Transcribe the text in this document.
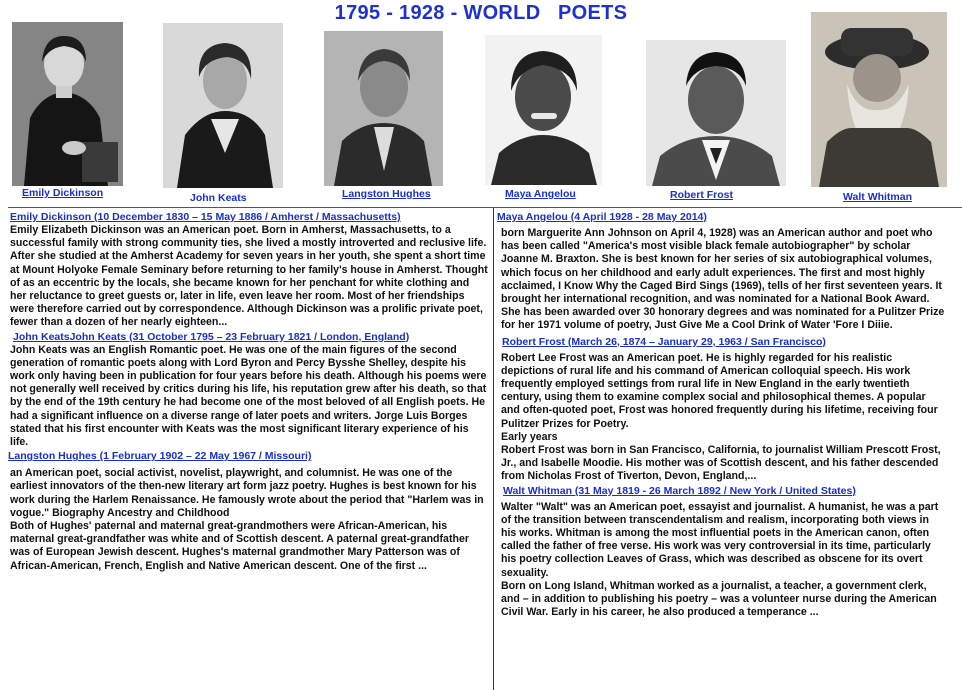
1795 - 1928 - WORLD   POETS
Emily Dickinson	John Keats	Langston Hughes	Maya Angelou	Robert Frost	Walt Whitman
Emily Dickinson (10 December 1830 – 15 May 1886 / Amherst / Massachusetts)

Emily Elizabeth Dickinson was an American poet. Born in Amherst, Massachusetts, to a successful family with strong community ties, she lived a mostly introverted and reclusive life. After she studied at the Amherst Academy for seven years in her youth, she spent a short time at Mount Holyoke Female Seminary before returning to her family's house in Amherst. Thought of as an eccentric by the locals, she became known for her penchant for white clothing and her reluctance to greet guests or, later in life, even leave her room. Most of her friendships were therefore carried out by correspondence. Although Dickinson was a prolific private poet, fewer than a dozen of her nearly eighteen...

John KeatsJohn Keats (31 October 1795 – 23 February 1821 / London, England)

John Keats was an English Romantic poet. He was one of the main figures of the second generation of romantic poets along with Lord Byron and Percy Bysshe Shelley, despite his work only having been in publication for four years before his death. Although his poems were not generally well received by critics during his life, his reputation grew after his death, so that by the end of the 19th century he had become one of the most beloved of all English poets. He had a significant influence on a diverse range of later poets and writers. Jorge Luis Borges stated that his first encounter with Keats was the most significant literary experience of his life.

Langston Hughes (1 February 1902 – 22 May 1967 / Missouri)

an American poet, social activist, novelist, playwright, and columnist. He was one of the earliest innovators of the then-new literary art form jazz poetry. Hughes is best known for his work during the Harlem Renaissance. He famously wrote about the period that "Harlem was in vogue." Biography Ancestry and Childhood
Both of Hughes' paternal and maternal great-grandmothers were African-American, his maternal great-grandfather was white and of Scottish descent. A paternal great-grandfather was of European Jewish descent. Hughes's maternal grandmother Mary Patterson was of African-American, French, English and Native American descent. One of the first ...

Maya Angelou (4 April 1928 - 28 May 2014)

born Marguerite Ann Johnson on April 4, 1928) was an American author and poet who has been called "America's most visible black female autobiographer" by scholar Joanne M. Braxton. She is best known for her series of six autobiographical volumes, which focus on her childhood and early adult experiences. The first and most highly acclaimed, I Know Why the Caged Bird Sings (1969), tells of her first seventeen years. It brought her international recognition, and was nominated for a National Book Award. She has been awarded over 30 honorary degrees and was nominated for a Pulitzer Prize for her 1971 volume of poetry, Just Give Me a Cool Drink of Water 'Fore I Diiie.

Robert Frost (March 26, 1874 – January 29, 1963 / San Francisco)

Robert Lee Frost was an American poet. He is highly regarded for his realistic depictions of rural life and his command of American colloquial speech. His work frequently employed settings from rural life in New England in the early twentieth century, using them to examine complex social and philosophical themes. A popular and often-quoted poet, Frost was honored frequently during his lifetime, receiving four Pulitzer Prizes for Poetry.
Early years
Robert Frost was born in San Francisco, California, to journalist William Prescott Frost, Jr., and Isabelle Moodie. His mother was of Scottish descent, and his father descended from Nicholas Frost of Tiverton, Devon, England,...

Walt Whitman (31 May 1819 - 26 March 1892 / New York / United States)

Walter "Walt" was an American poet, essayist and journalist. A humanist, he was a part of the transition between transcendentalism and realism, incorporating both views in his works. Whitman is among the most influential poets in the American canon, often called the father of free verse. His work was very controversial in its time, particularly his poetry collection Leaves of Grass, which was described as obscene for its overt sexuality.
Born on Long Island, Whitman worked as a journalist, a teacher, a government clerk, and – in addition to publishing his poetry – was a volunteer nurse during the American Civil War. Early in his career, he also produced a temperance ...
